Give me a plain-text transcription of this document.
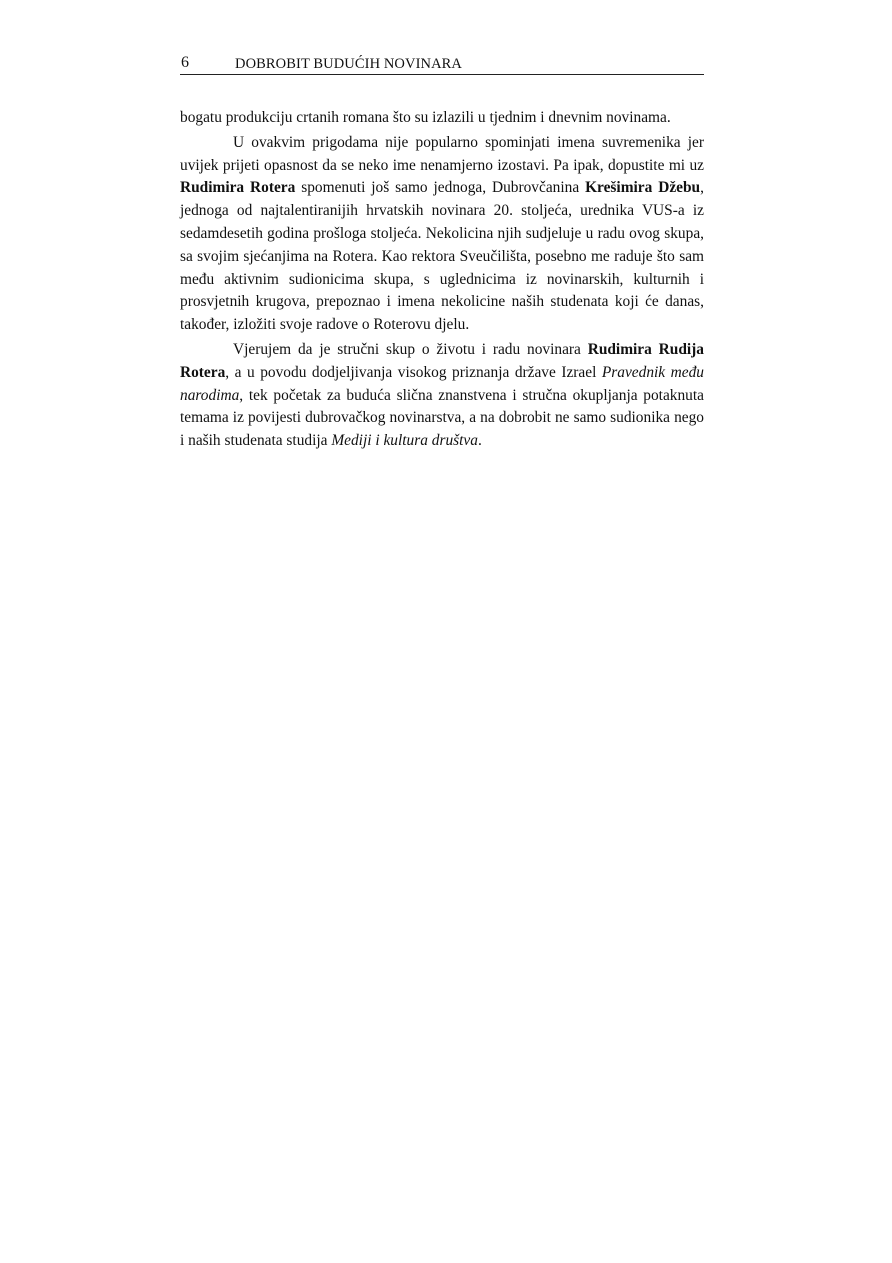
6	DOBROBIT BUDUĆIH NOVINARA

bogatu produkciju crtanih romana što su izlazili u tjednim i dnevnim novinama.

U ovakvim prigodama nije popularno spominjati imena suvremenika jer uvijek prijeti opasnost da se neko ime nenamjerno izostavi. Pa ipak, dopustite mi uz Rudimira Rotera spomenuti još samo jednoga, Dubrovčanina Krešimira Džebu, jednoga od najtalentiranijih hrvatskih novinara 20. stoljeća, urednika VUS-a iz sedamdesetih godina prošloga stoljeća. Nekolicina njih sudjeluje u radu ovog skupa, sa svojim sjećanjima na Rotera. Kao rektora Sveučilišta, posebno me raduje što sam među aktivnim sudionicima skupa, s uglednicima iz novinarskih, kulturnih i prosvjetnih krugova, prepoznao i imena nekolicine naših studenata koji će danas, također, izložiti svoje radove o Roterovu djelu.

Vjerujem da je stručni skup o životu i radu novinara Rudimira Rudija Rotera, a u povodu dodjeljivanja visokog priznanja države Izrael Pravednik među narodima, tek početak za buduća slična znanstvena i stručna okupljanja potaknuta temama iz povijesti dubrovačkog novinarstva, a na dobrobit ne samo sudionika nego i naših studenata studija Mediji i kultura društva.
